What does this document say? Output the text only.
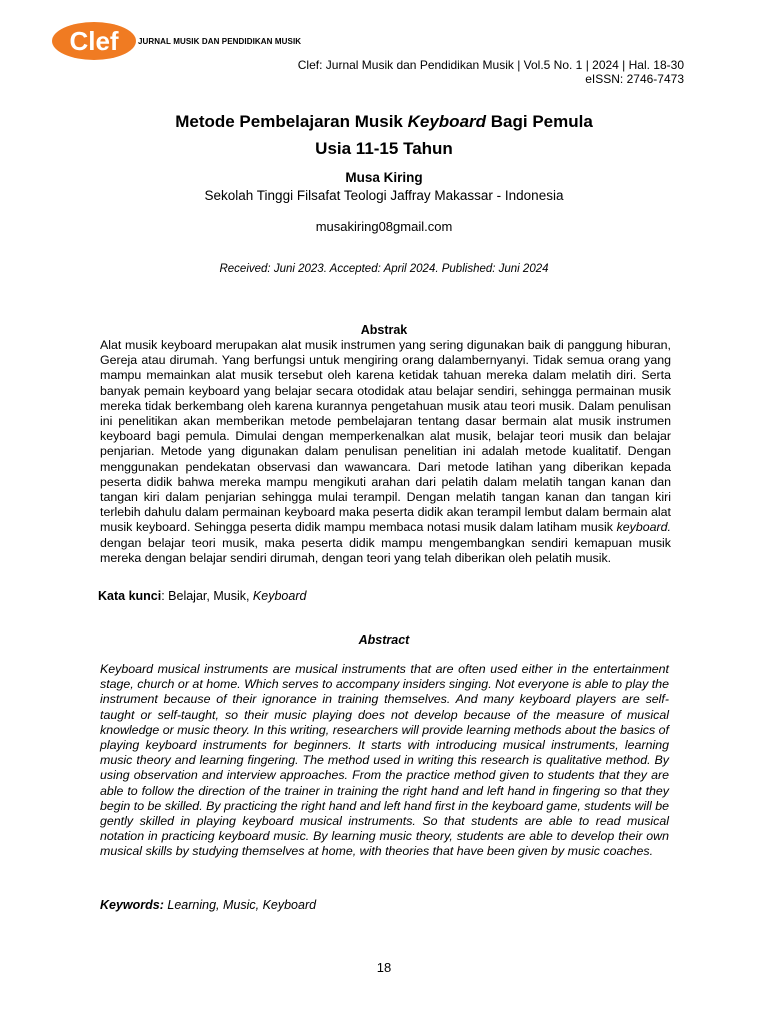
Clef	JURNAL MUSIK DAN PENDIDIKAN MUSIK
Clef: Jurnal Musik dan Pendidikan Musik | Vol.5 No. 1 | 2024 | Hal. 18-30
eISSN: 2746-7473
Metode Pembelajaran Musik Keyboard Bagi Pemula
Usia 11-15 Tahun
Musa Kiring
Sekolah Tinggi Filsafat Teologi Jaffray Makassar - Indonesia
musakiring08gmail.com
Received: Juni 2023. Accepted: April 2024. Published: Juni 2024
Abstrak
Alat musik keyboard merupakan alat musik instrumen yang sering digunakan baik di panggung hiburan, Gereja atau dirumah. Yang berfungsi untuk mengiring orang dalambernyanyi. Tidak semua orang yang mampu memainkan alat musik tersebut oleh karena ketidak tahuan mereka dalam melatih diri. Serta banyak pemain keyboard yang belajar secara otodidak atau belajar sendiri, sehingga permainan musik mereka tidak berkembang oleh karena kurannya pengetahuan musik atau teori musik. Dalam penulisan ini penelitikan akan memberikan metode pembelajaran tentang dasar bermain alat musik instrumen keyboard bagi pemula. Dimulai dengan memperkenalkan alat musik, belajar teori musik dan belajar penjarian. Metode yang digunakan dalam penulisan penelitian ini adalah metode kualitatif. Dengan menggunakan pendekatan observasi dan wawancara. Dari metode latihan yang diberikan kepada peserta didik bahwa mereka mampu mengikuti arahan dari pelatih dalam melatih tangan kanan dan tangan kiri dalam penjarian sehingga mulai terampil. Dengan melatih tangan kanan dan tangan kiri terlebih dahulu dalam permainan keyboard maka peserta didik akan terampil lembut dalam bermain alat musik keyboard. Sehingga peserta didik mampu membaca notasi musik dalam latiham musik keyboard. dengan belajar teori musik, maka peserta didik mampu mengembangkan sendiri kemapuan musik mereka dengan belajar sendiri dirumah, dengan teori yang telah diberikan oleh pelatih musik.
Kata kunci: Belajar, Musik, Keyboard
Abstract
Keyboard musical instruments are musical instruments that are often used either in the entertainment stage, church or at home. Which serves to accompany insiders singing. Not everyone is able to play the instrument because of their ignorance in training themselves. And many keyboard players are self-taught or self-taught, so their music playing does not develop because of the measure of musical knowledge or music theory. In this writing, researchers will provide learning methods about the basics of playing keyboard instruments for beginners. It starts with introducing musical instruments, learning music theory and learning fingering. The method used in writing this research is qualitative method. By using observation and interview approaches. From the practice method given to students that they are able to follow the direction of the trainer in training the right hand and left hand in fingering so that they begin to be skilled. By practicing the right hand and left hand first in the keyboard game, students will be gently skilled in playing keyboard musical instruments. So that students are able to read musical notation in practicing keyboard music. By learning music theory, students are able to develop their own musical skills by studying themselves at home, with theories that have been given by music coaches.
Keywords: Learning, Music, Keyboard
18
